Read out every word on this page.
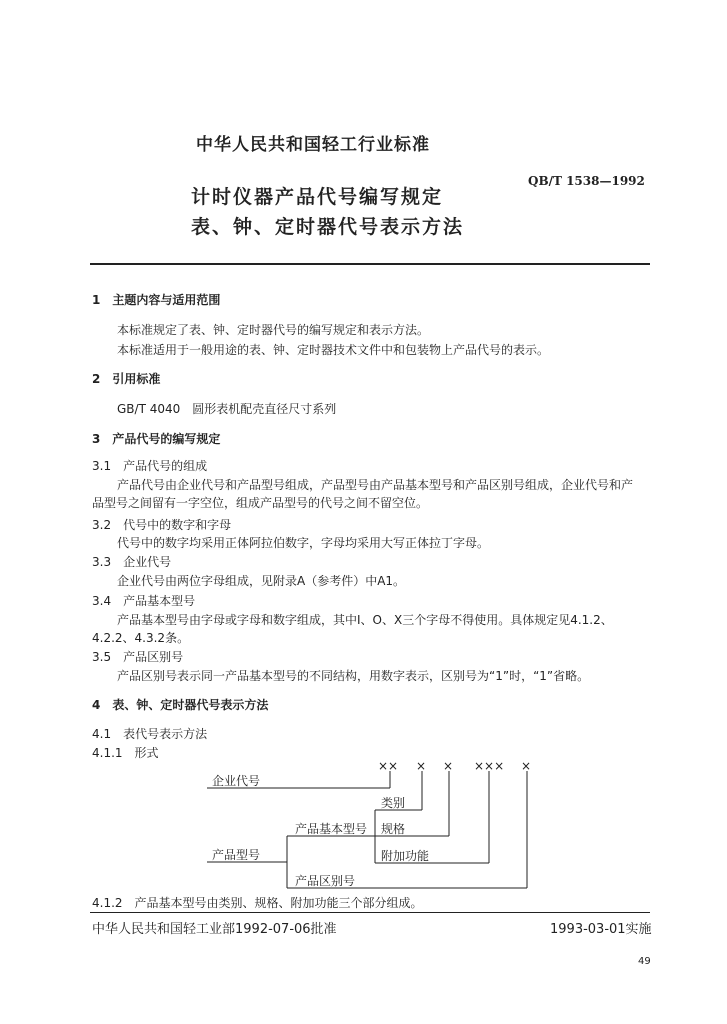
中华人民共和国轻工行业标准
QB/T 1538—1992
计时仪器产品代号编写规定
表、钟、定时器代号表示方法
1　主题内容与适用范围
本标准规定了表、钟、定时器代号的编写规定和表示方法。
本标准适用于一般用途的表、钟、定时器技术文件中和包装物上产品代号的表示。
2　引用标准
GB/T 4040　圆形表机配壳直径尺寸系列
3　产品代号的编写规定
3.1　产品代号的组成
产品代号由企业代号和产品型号组成，产品型号由产品基本型号和产品区别号组成，企业代号和产
品型号之间留有一字空位，组成产品型号的代号之间不留空位。
3.2　代号中的数字和字母
代号中的数字均采用正体阿拉伯数字，字母均采用大写正体拉丁字母。
3.3　企业代号
企业代号由两位字母组成，见附录A（参考件）中A1。
3.4　产品基本型号
产品基本型号由字母或字母和数字组成，其中I、O、X三个字母不得使用。具体规定见4.1.2、
4.2.2、4.3.2条。
3.5　产品区别号
产品区别号表示同一产品基本型号的不同结构，用数字表示，区别号为“1”时，“1”省略。
4　表、钟、定时器代号表示方法
4.1　表代号表示方法
4.1.1　形式
×× × × ××× ×
企业代号
类别
产品基本型号 规格
产品型号	附加功能
产品区别号
4.1.2　产品基本型号由类别、规格、附加功能三个部分组成。
中华人民共和国轻工业部1992-07-06批准	1993-03-01实施
49
